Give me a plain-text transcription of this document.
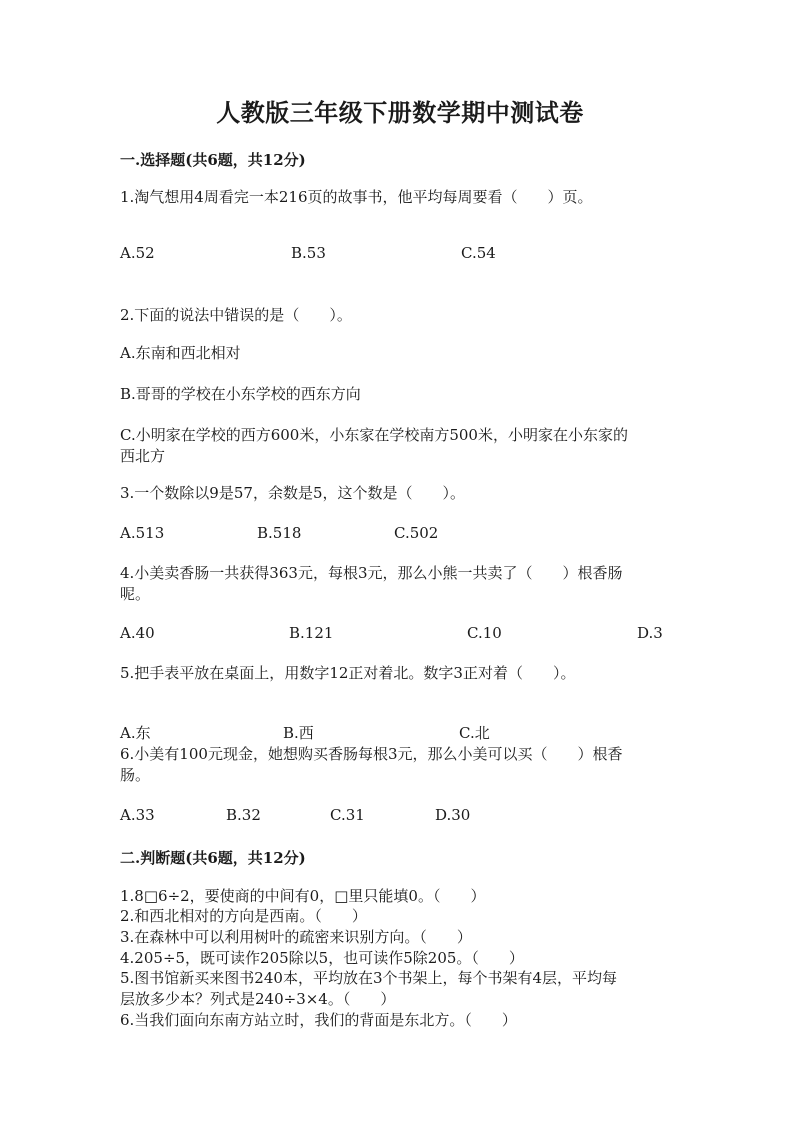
人教版三年级下册数学期中测试卷
一.选择题(共6题，共12分)
1.淘气想用4周看完一本216页的故事书，他平均每周要看（　　）页。
A.52	B.53	C.54
2.下面的说法中错误的是（　　）。
A.东南和西北相对
B.哥哥的学校在小东学校的西东方向
C.小明家在学校的西方600米，小东家在学校南方500米，小明家在小东家的
西北方
3.一个数除以9是57，余数是5，这个数是（　　）。
A.513	B.518	C.502
4.小美卖香肠一共获得363元，每根3元，那么小熊一共卖了（　　）根香肠
呢。
A.40	B.121	C.10	D.3
5.把手表平放在桌面上，用数字12正对着北。数字3正对着（　　）。
A.东	B.西	C.北
6.小美有100元现金，她想购买香肠每根3元，那么小美可以买（　　）根香
肠。
A.33	B.32	C.31	D.30
二.判断题(共6题，共12分)
1.8□6÷2，要使商的中间有0，□里只能填0。（　　）
2.和西北相对的方向是西南。（　　）
3.在森林中可以利用树叶的疏密来识别方向。（　　）
4.205÷5，既可读作205除以5，也可读作5除205。（　　）
5.图书馆新买来图书240本，平均放在3个书架上，每个书架有4层，平均每
层放多少本？列式是240÷3×4。（　　）
6.当我们面向东南方站立时，我们的背面是东北方。（　　）
